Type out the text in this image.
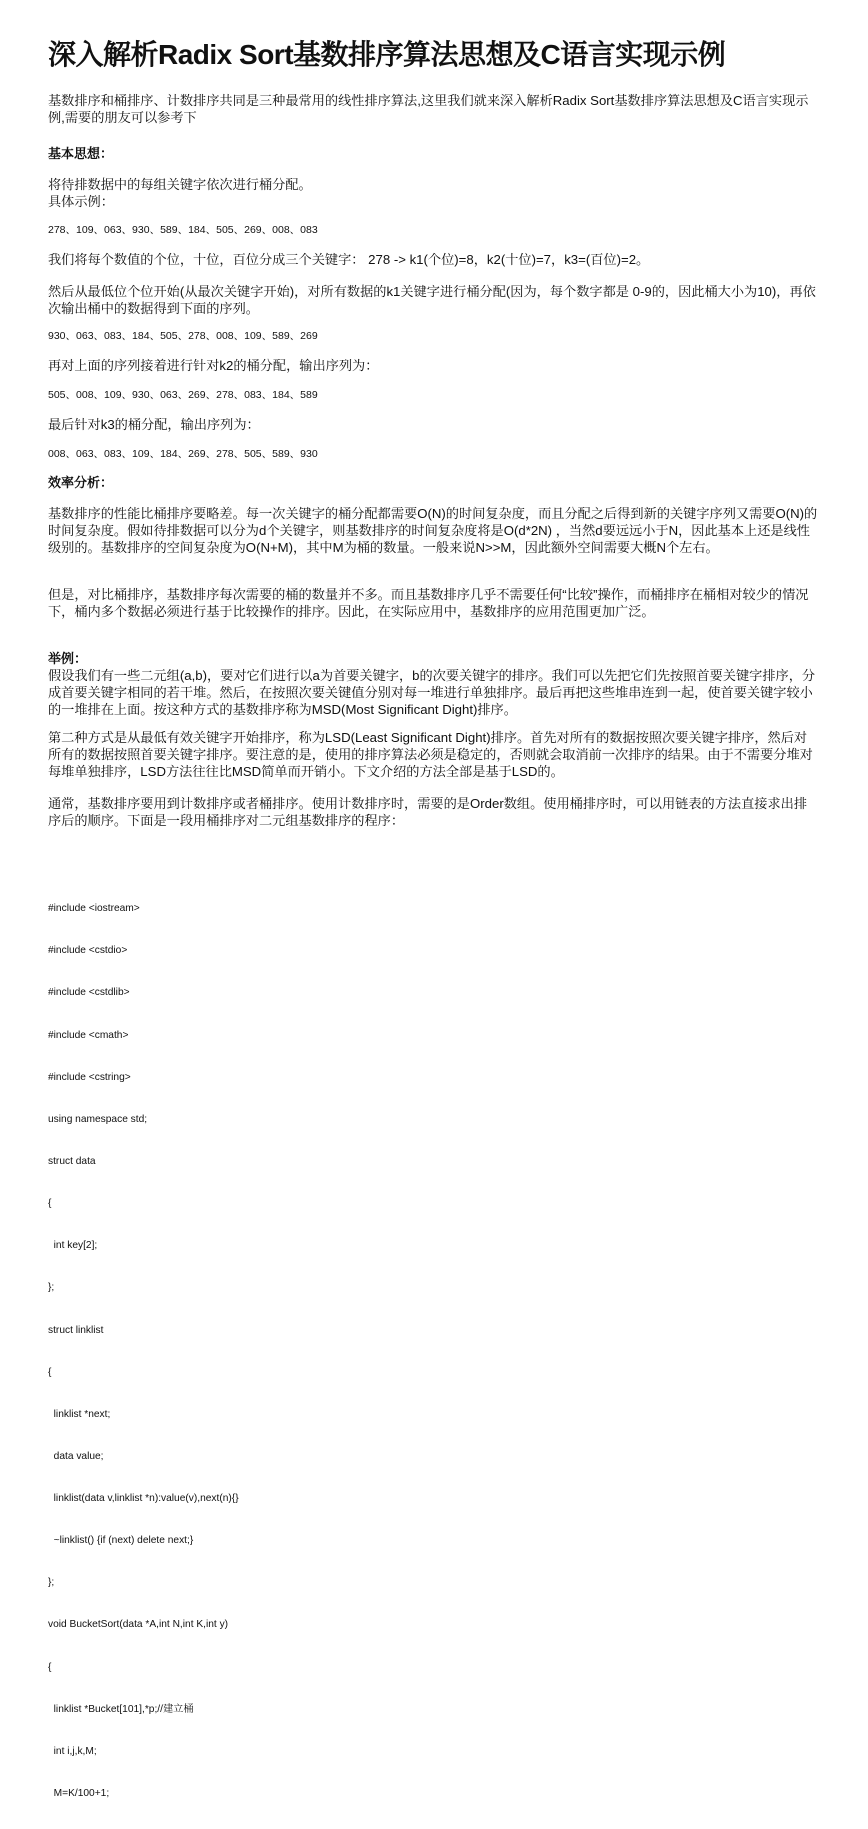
深入解析Radix Sort基数排序算法思想及C语言实现示例

基数排序和桶排序、计数排序共同是三种最常用的线性排序算法,这里我们就来深入解析Radix Sort基数排序算法思想及C语言实现示例,需要的朋友可以参考下

基本思想：

将待排数据中的每组关键字依次进行桶分配。

具体示例：

278、109、063、930、589、184、505、269、008、083

我们将每个数值的个位，十位，百位分成三个关键字： 278 -> k1(个位)=8，k2(十位)=7，k3=(百位)=2。

然后从最低位个位开始(从最次关键字开始)，对所有数据的k1关键字进行桶分配(因为，每个数字都是 0-9的，因此桶大小为10)，再依次输出桶中的数据得到下面的序列。

930、063、083、184、505、278、008、109、589、269

再对上面的序列接着进行针对k2的桶分配，输出序列为：

505、008、109、930、063、269、278、083、184、589

最后针对k3的桶分配，输出序列为：

008、063、083、109、184、269、278、505、589、930

效率分析：

基数排序的性能比桶排序要略差。每一次关键字的桶分配都需要O(N)的时间复杂度，而且分配之后得到新的关键字序列又需要O(N)的时间复杂度。假如待排数据可以分为d个关键字，则基数排序的时间复杂度将是O(d*2N) ，当然d要远远小于N，因此基本上还是线性级别的。基数排序的空间复杂度为O(N+M)，其中M为桶的数量。一般来说N>>M，因此额外空间需要大概N个左右。

但是，对比桶排序，基数排序每次需要的桶的数量并不多。而且基数排序几乎不需要任何“比较”操作，而桶排序在桶相对较少的情况下，桶内多个数据必须进行基于比较操作的排序。因此，在实际应用中，基数排序的应用范围更加广泛。

举例：

假设我们有一些二元组(a,b)，要对它们进行以a为首要关键字，b的次要关键字的排序。我们可以先把它们先按照首要关键字排序，分成首要关键字相同的若干堆。然后，在按照次要关键值分别对每一堆进行单独排序。最后再把这些堆串连到一起，使首要关键字较小的一堆排在上面。按这种方式的基数排序称为MSD(Most Significant Dight)排序。

第二种方式是从最低有效关键字开始排序，称为LSD(Least Significant Dight)排序。首先对所有的数据按照次要关键字排序，然后对所有的数据按照首要关键字排序。要注意的是，使用的排序算法必须是稳定的，否则就会取消前一次排序的结果。由于不需要分堆对每堆单独排序，LSD方法往往比MSD简单而开销小。下文介绍的方法全部是基于LSD的。

通常，基数排序要用到计数排序或者桶排序。使用计数排序时，需要的是Order数组。使用桶排序时，可以用链表的方法直接求出排序后的顺序。下面是一段用桶排序对二元组基数排序的程序：

#include <iostream>

#include <cstdio>

#include <cstdlib>

#include <cmath>

#include <cstring>

using namespace std;

struct data

{

int key[2];

};

struct linklist

{

linklist *next;

data value;

linklist(data v,linklist *n):value(v),next(n){}

~linklist() {if (next) delete next;}

};

void BucketSort(data *A,int N,int K,int y)

{

linklist *Bucket[101],*p;//建立桶

int i,j,k,M;

M=K/100+1;
